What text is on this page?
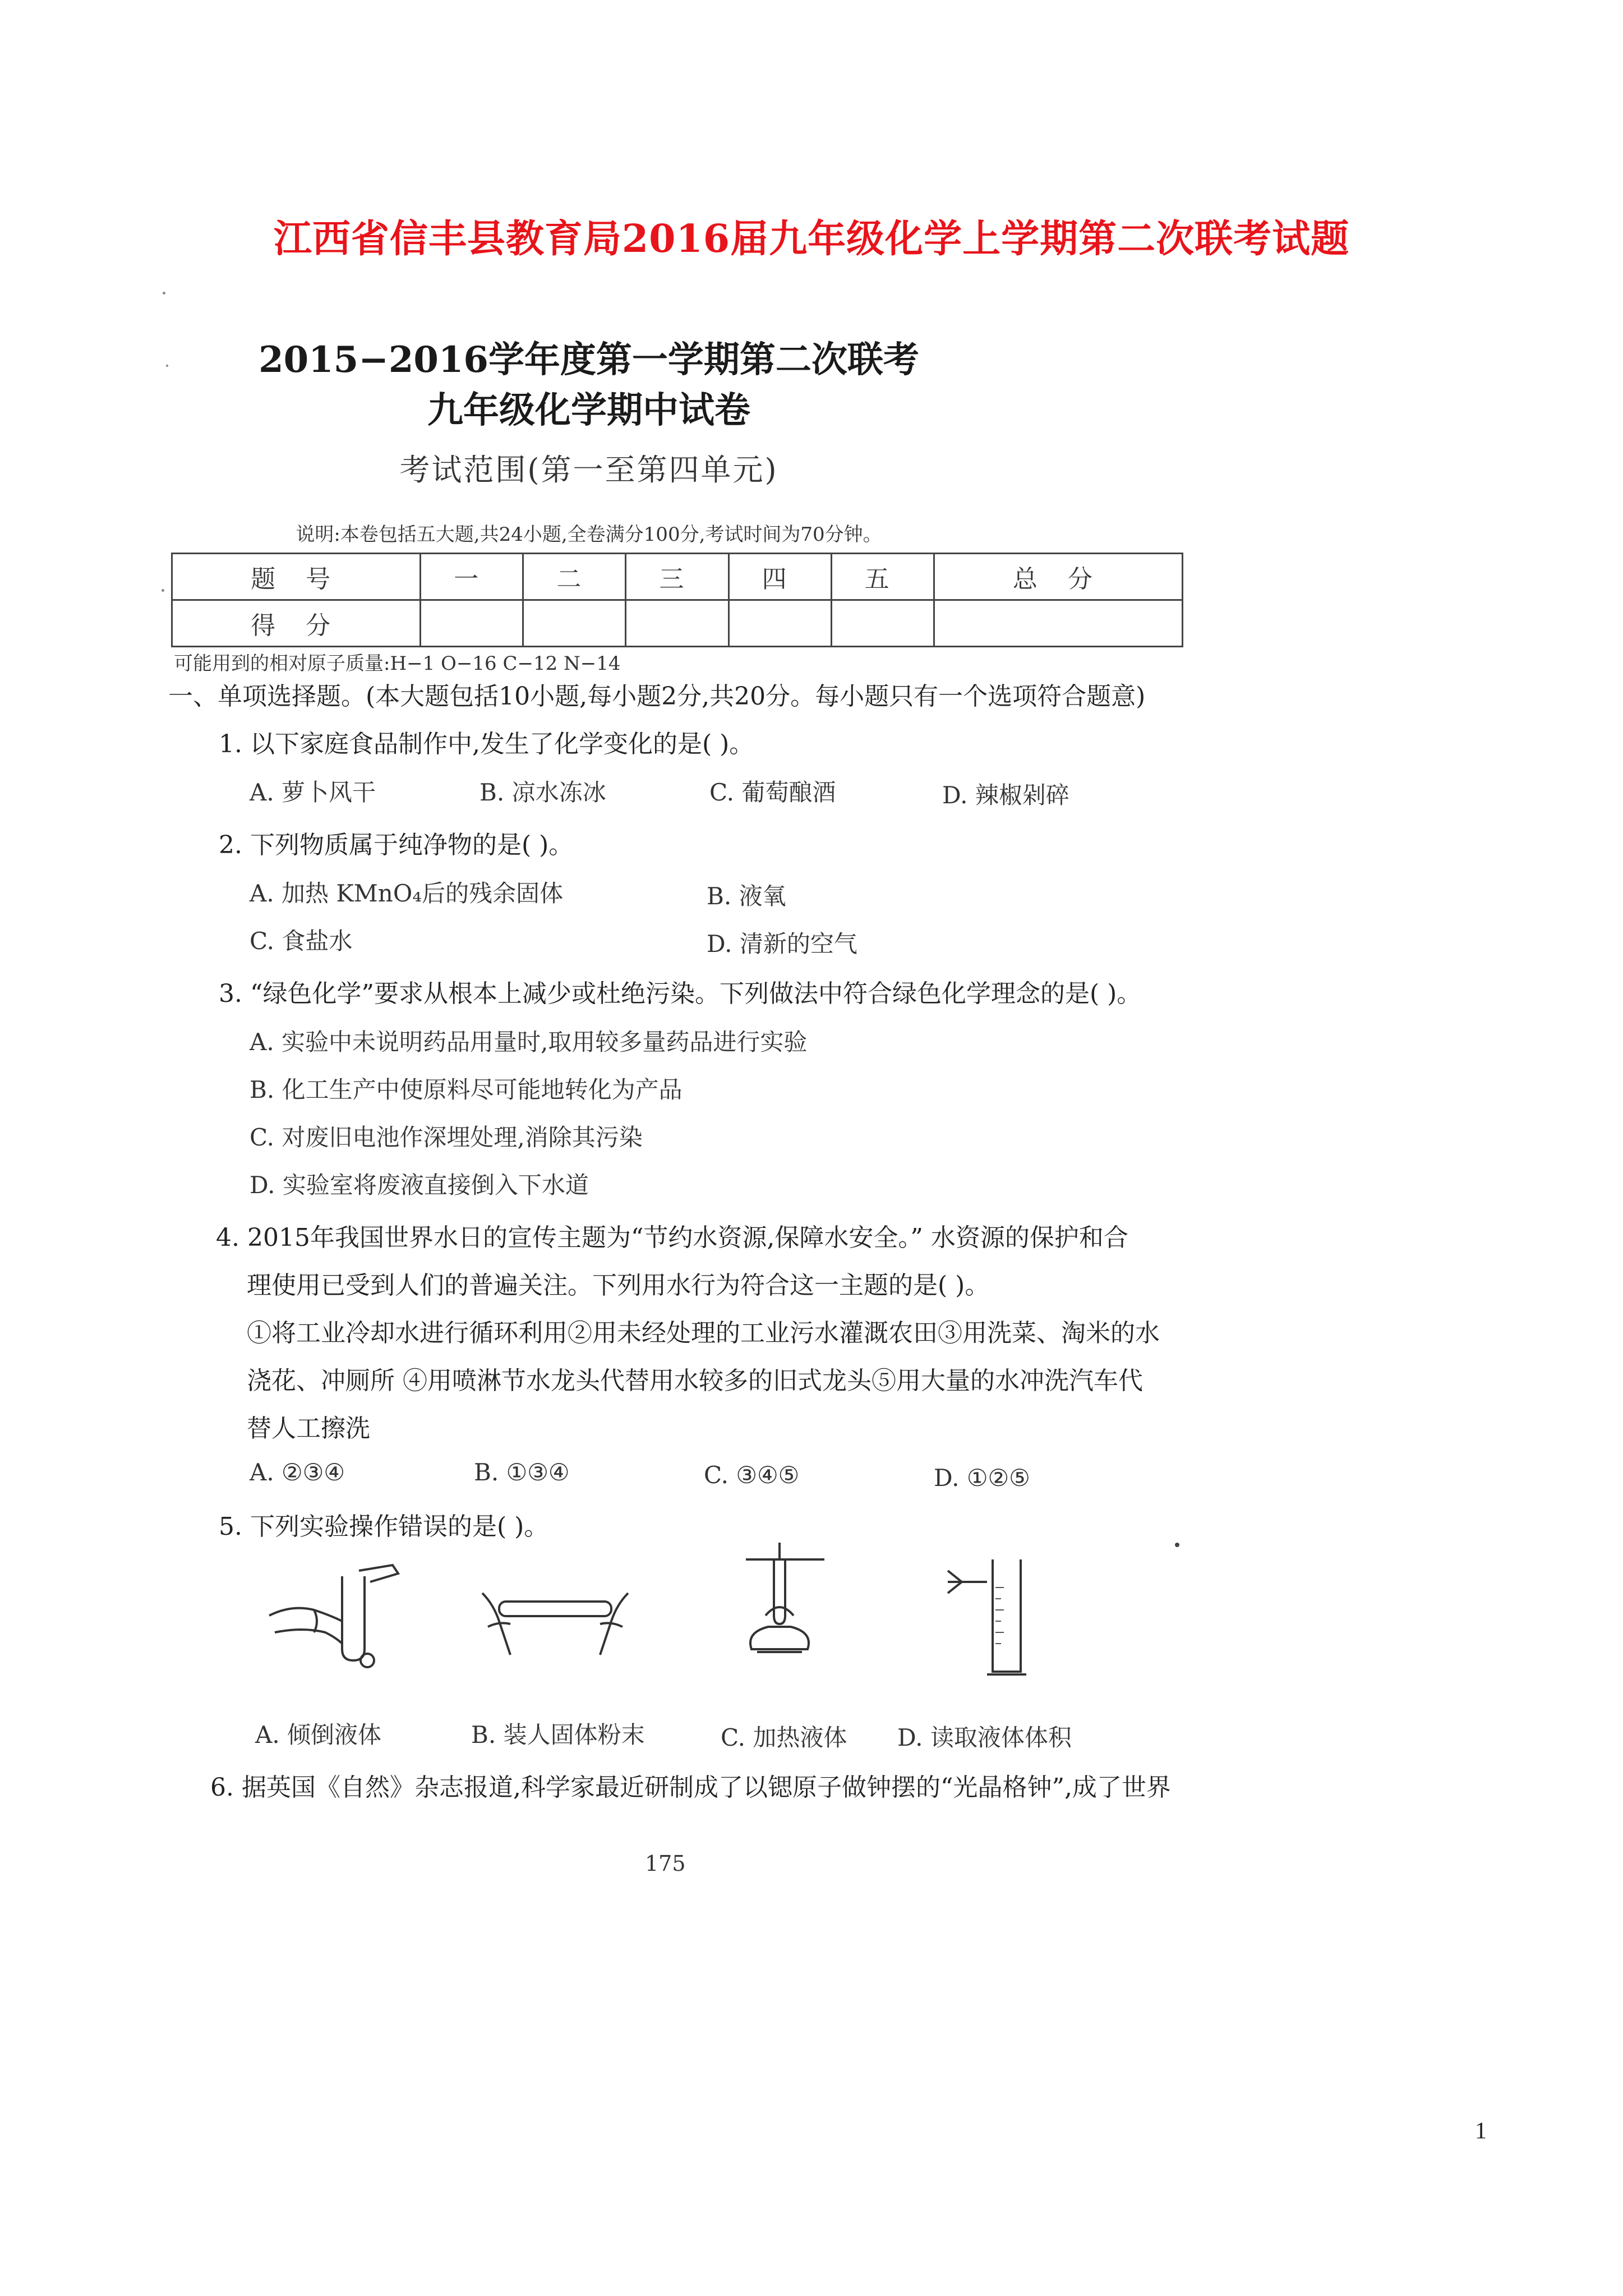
江西省信丰县教育局2016届九年级化学上学期第二次联考试题
2015−2016学年度第一学期第二次联考
九年级化学期中试卷
考试范围(第一至第四单元)
说明:本卷包括五大题,共24小题,全卷满分100分,考试时间为70分钟。
题 号	一	二	三	四	五	总 分
得 分						
可能用到的相对原子质量:H−1 O−16 C−12 N−14
一、单项选择题。(本大题包括10小题,每小题2分,共20分。每小题只有一个选项符合题意)
1. 以下家庭食品制作中,发生了化学变化的是( )。
A. 萝卜风干	B. 凉水冻冰	C. 葡萄酿酒	D. 辣椒剁碎
2. 下列物质属于纯净物的是( )。
A. 加热 KMnO₄后的残余固体	B. 液氧
C. 食盐水	D. 清新的空气
3. “绿色化学”要求从根本上减少或杜绝污染。下列做法中符合绿色化学理念的是( )。
A. 实验中未说明药品用量时,取用较多量药品进行实验
B. 化工生产中使原料尽可能地转化为产品
C. 对废旧电池作深埋处理,消除其污染
D. 实验室将废液直接倒入下水道
4. 2015年我国世界水日的宣传主题为“节约水资源,保障水安全。” 水资源的保护和合
理使用已受到人们的普遍关注。下列用水行为符合这一主题的是( )。
①将工业冷却水进行循环利用②用未经处理的工业污水灌溉农田③用洗菜、淘米的水
浇花、冲厕所 ④用喷淋节水龙头代替用水较多的旧式龙头⑤用大量的水冲洗汽车代
替人工擦洗
A. ②③④	B. ①③④	C. ③④⑤	D. ①②⑤
5. 下列实验操作错误的是( )。
A. 倾倒液体	B. 装人固体粉末	C. 加热液体 D. 读取液体体积
6. 据英国《自然》杂志报道,科学家最近研制成了以锶原子做钟摆的“光晶格钟”,成了世界
175
1
